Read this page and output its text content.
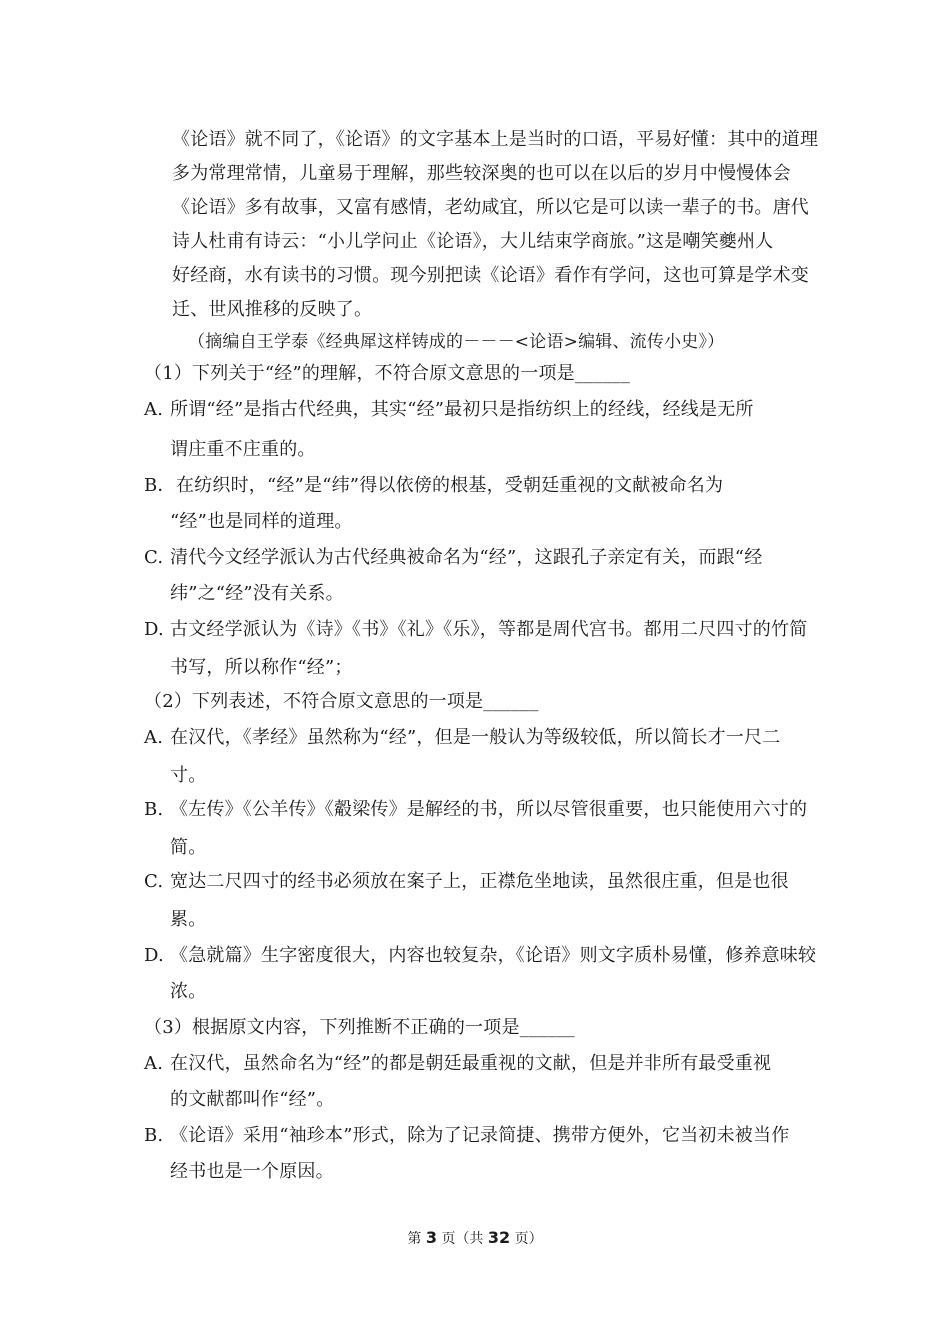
《论语》就不同了，《论语》的文字基本上是当时的口语，平易好懂：其中的道理
多为常理常情，儿童易于理解，那些较深奥的也可以在以后的岁月中慢慢体会
《论语》多有故事，又富有感情，老幼咸宜，所以它是可以读一辈子的书。唐代
诗人杜甫有诗云：“小儿学问止《论语》，大儿结束学商旅。”这是嘲笑夔州人
好经商，水有读书的习惯。现今别把读《论语》看作有学问，这也可算是学术变
迁、世风推移的反映了。
（摘编自王学泰《经典犀这样铸成的－－－<论语>编辑、流传小史》）
（1）下列关于“经”的理解，不符合原文意思的一项是______
A. 所谓“经”是指古代经典，其实“经”最初只是指纺织上的经线，经线是无所
谓庄重不庄重的。
B． 在纺织时，“经”是“纬”得以依傍的根基，受朝廷重视的文献被命名为
“经”也是同样的道理。
C. 清代今文经学派认为古代经典被命名为“经”，这跟孔子亲定有关，而跟“经
纬”之“经”没有关系。
D. 古文经学派认为《诗》《书》《礼》《乐》，等都是周代宫书。都用二尺四寸的竹简
书写，所以称作“经”；
（2）下列表述，不符合原文意思的一项是______
A. 在汉代，《孝经》虽然称为“经”，但是一般认为等级较低，所以简长才一尺二
寸。
B. 《左传》《公羊传》《觳梁传》是解经的书，所以尽管很重要，也只能使用六寸的
简。
C. 宽达二尺四寸的经书必须放在案子上，正襟危坐地读，虽然很庄重，但是也很
累。
D. 《急就篇》生字密度很大，内容也较复杂，《论语》则文字质朴易懂，修养意味较
浓。
（3）根据原文内容，下列推断不正确的一项是______
A. 在汉代，虽然命名为“经”的都是朝廷最重视的文献，但是并非所有最受重视
的文献都叫作“经”。
B. 《论语》采用“袖珍本”形式，除为了记录简捷、携带方便外，它当初未被当作
经书也是一个原因。
第 3 页（共 32 页）
